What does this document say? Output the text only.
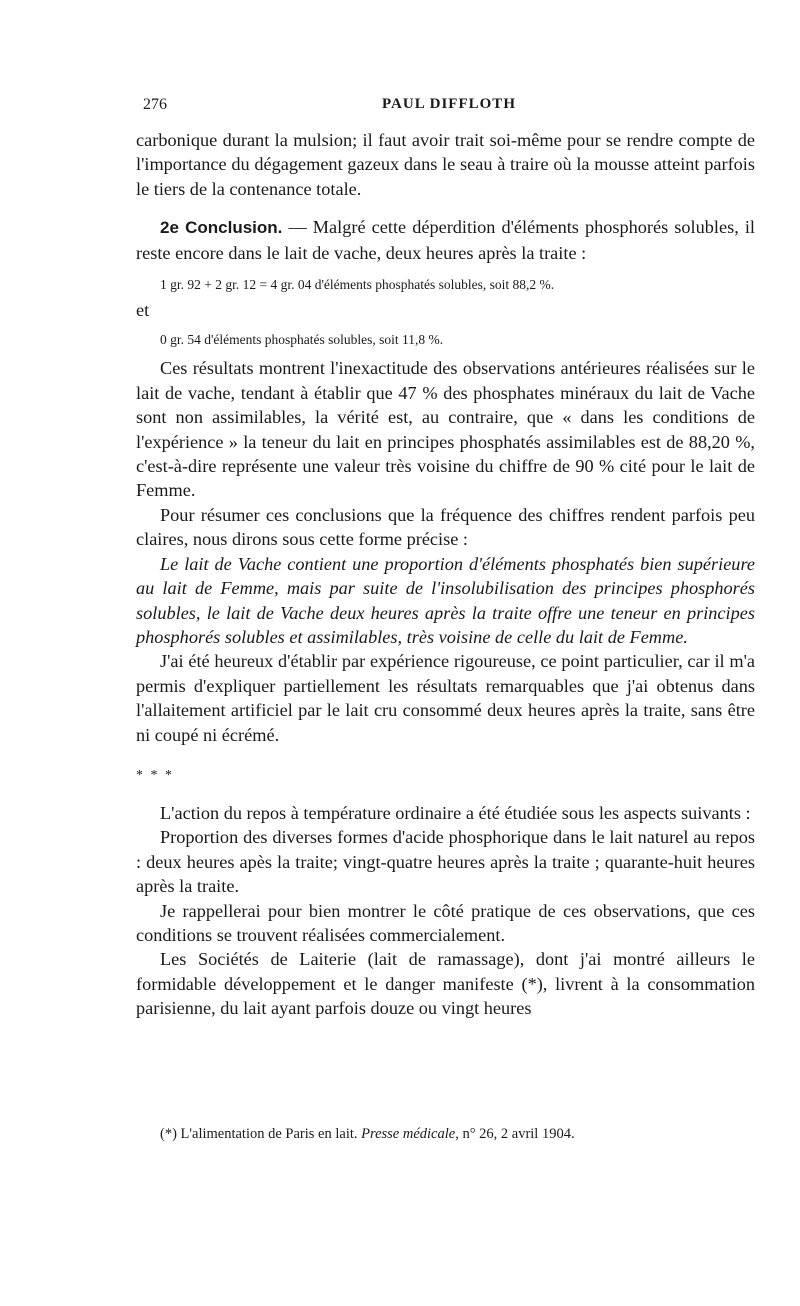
276	PAUL DIFFLOTH

carbonique durant la mulsion; il faut avoir trait soi-même pour se rendre compte de l'importance du dégagement gazeux dans le seau à traire où la mousse atteint parfois le tiers de la contenance totale.

2e Conclusion. — Malgré cette déperdition d'éléments phosphorés solubles, il reste encore dans le lait de vache, deux heures après la traite :

1 gr. 92 + 2 gr. 12 = 4 gr. 04 d'éléments phosphatés solubles, soit 88,2 %.

et

0 gr. 54 d'éléments phosphatés solubles, soit 11,8 %.

Ces résultats montrent l'inexactitude des observations antérieures réalisées sur le lait de vache, tendant à établir que 47 % des phosphates minéraux du lait de Vache sont non assimilables, la vérité est, au contraire, que « dans les conditions de l'expérience » la teneur du lait en principes phosphatés assimilables est de 88,20 %, c'est-à-dire représente une valeur très voisine du chiffre de 90 % cité pour le lait de Femme.

Pour résumer ces conclusions que la fréquence des chiffres rendent parfois peu claires, nous dirons sous cette forme précise :

Le lait de Vache contient une proportion d'éléments phosphatés bien supérieure au lait de Femme, mais par suite de l'insolubilisation des principes phosphorés solubles, le lait de Vache deux heures après la traite offre une teneur en principes phosphorés solubles et assimilables, très voisine de celle du lait de Femme.

J'ai été heureux d'établir par expérience rigoureuse, ce point particulier, car il m'a permis d'expliquer partiellement les résultats remarquables que j'ai obtenus dans l'allaitement artificiel par le lait cru consommé deux heures après la traite, sans être ni coupé ni écrémé.

* * *

L'action du repos à température ordinaire a été étudiée sous les aspects suivants :

Proportion des diverses formes d'acide phosphorique dans le lait naturel au repos : deux heures apès la traite; vingt-quatre heures après la traite ; quarante-huit heures après la traite.

Je rappellerai pour bien montrer le côté pratique de ces observations, que ces conditions se trouvent réalisées commercialement.

Les Sociétés de Laiterie (lait de ramassage), dont j'ai montré ailleurs le formidable développement et le danger manifeste (*), livrent à la consommation parisienne, du lait ayant parfois douze ou vingt heures

(*) L'alimentation de Paris en lait. Presse médicale, n° 26, 2 avril 1904.
